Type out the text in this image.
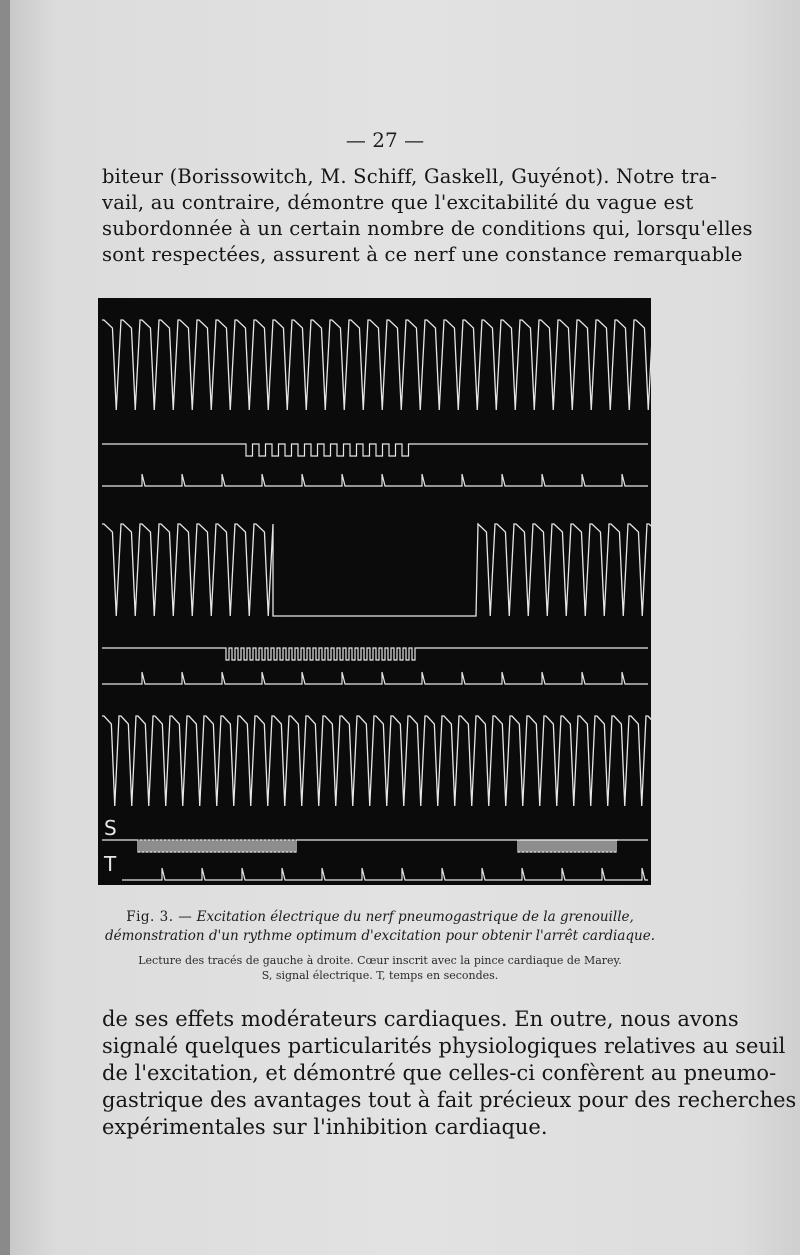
— 27 —

biteur (Borissowitch, M. Schiff, Gaskell, Guyénot). Notre tra-
vail, au contraire, démontre que l'excitabilité du vague est
subordonnée à un certain nombre de conditions qui, lorsqu'elles
sont respectées, assurent à ce nerf une constance remarquable

S
T
Fig. 3. — Excitation électrique du nerf pneumogastrique de la grenouille,
démonstration d'un rythme optimum d'excitation pour obtenir l'arrêt cardiaque.
Lecture des tracés de gauche à droite. Cœur inscrit avec la pince cardiaque de Marey.
S, signal électrique. T, temps en secondes.

de ses effets modérateurs cardiaques. En outre, nous avons
signalé quelques particularités physiologiques relatives au seuil
de l'excitation, et démontré que celles-ci confèrent au pneumo-
gastrique des avantages tout à fait précieux pour des recherches
expérimentales sur l'inhibition cardiaque.
